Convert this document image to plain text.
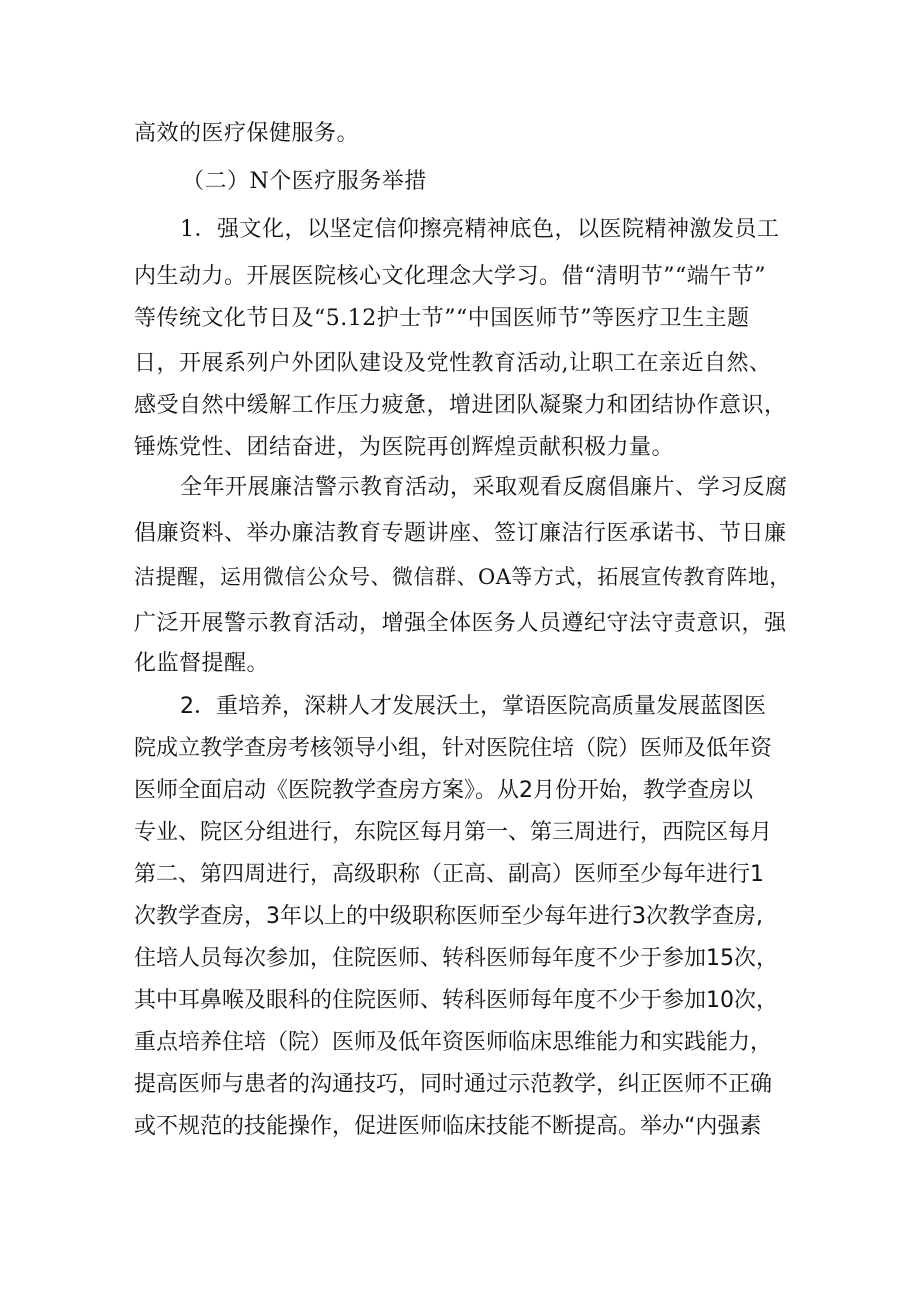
高效的医疗保健服务。

（二）N个医疗服务举措

1．强文化，以坚定信仰擦亮精神底色，以医院精神激发员工

内生动力。开展医院核心文化理念大学习。借“清明节”“端午节”

等传统文化节日及“5.12护士节”“中国医师节”等医疗卫生主题

日，开展系列户外团队建设及党性教育活动,让职工在亲近自然、

感受自然中缓解工作压力疲惫，增进团队凝聚力和团结协作意识，

锤炼党性、团结奋进，为医院再创辉煌贡献积极力量。

全年开展廉洁警示教育活动，采取观看反腐倡廉片、学习反腐

倡廉资料、举办廉洁教育专题讲座、签订廉洁行医承诺书、节日廉

洁提醒，运用微信公众号、微信群、OA等方式，拓展宣传教育阵地，

广泛开展警示教育活动，增强全体医务人员遵纪守法守责意识，强

化监督提醒。

2．重培养，深耕人才发展沃土，掌语医院高质量发展蓝图医

院成立教学查房考核领导小组，针对医院住培（院）医师及低年资

医师全面启动《医院教学查房方案》。从2月份开始，教学查房以

专业、院区分组进行，东院区每月第一、第三周进行，西院区每月

第二、第四周进行，高级职称（正高、副高）医师至少每年进行1

次教学查房，3年以上的中级职称医师至少每年进行3次教学查房,

住培人员每次参加，住院医师、转科医师每年度不少于参加15次，

其中耳鼻喉及眼科的住院医师、转科医师每年度不少于参加10次，

重点培养住培（院）医师及低年资医师临床思维能力和实践能力，

提高医师与患者的沟通技巧，同时通过示范教学，纠正医师不正确

或不规范的技能操作，促进医师临床技能不断提高。举办“内强素
